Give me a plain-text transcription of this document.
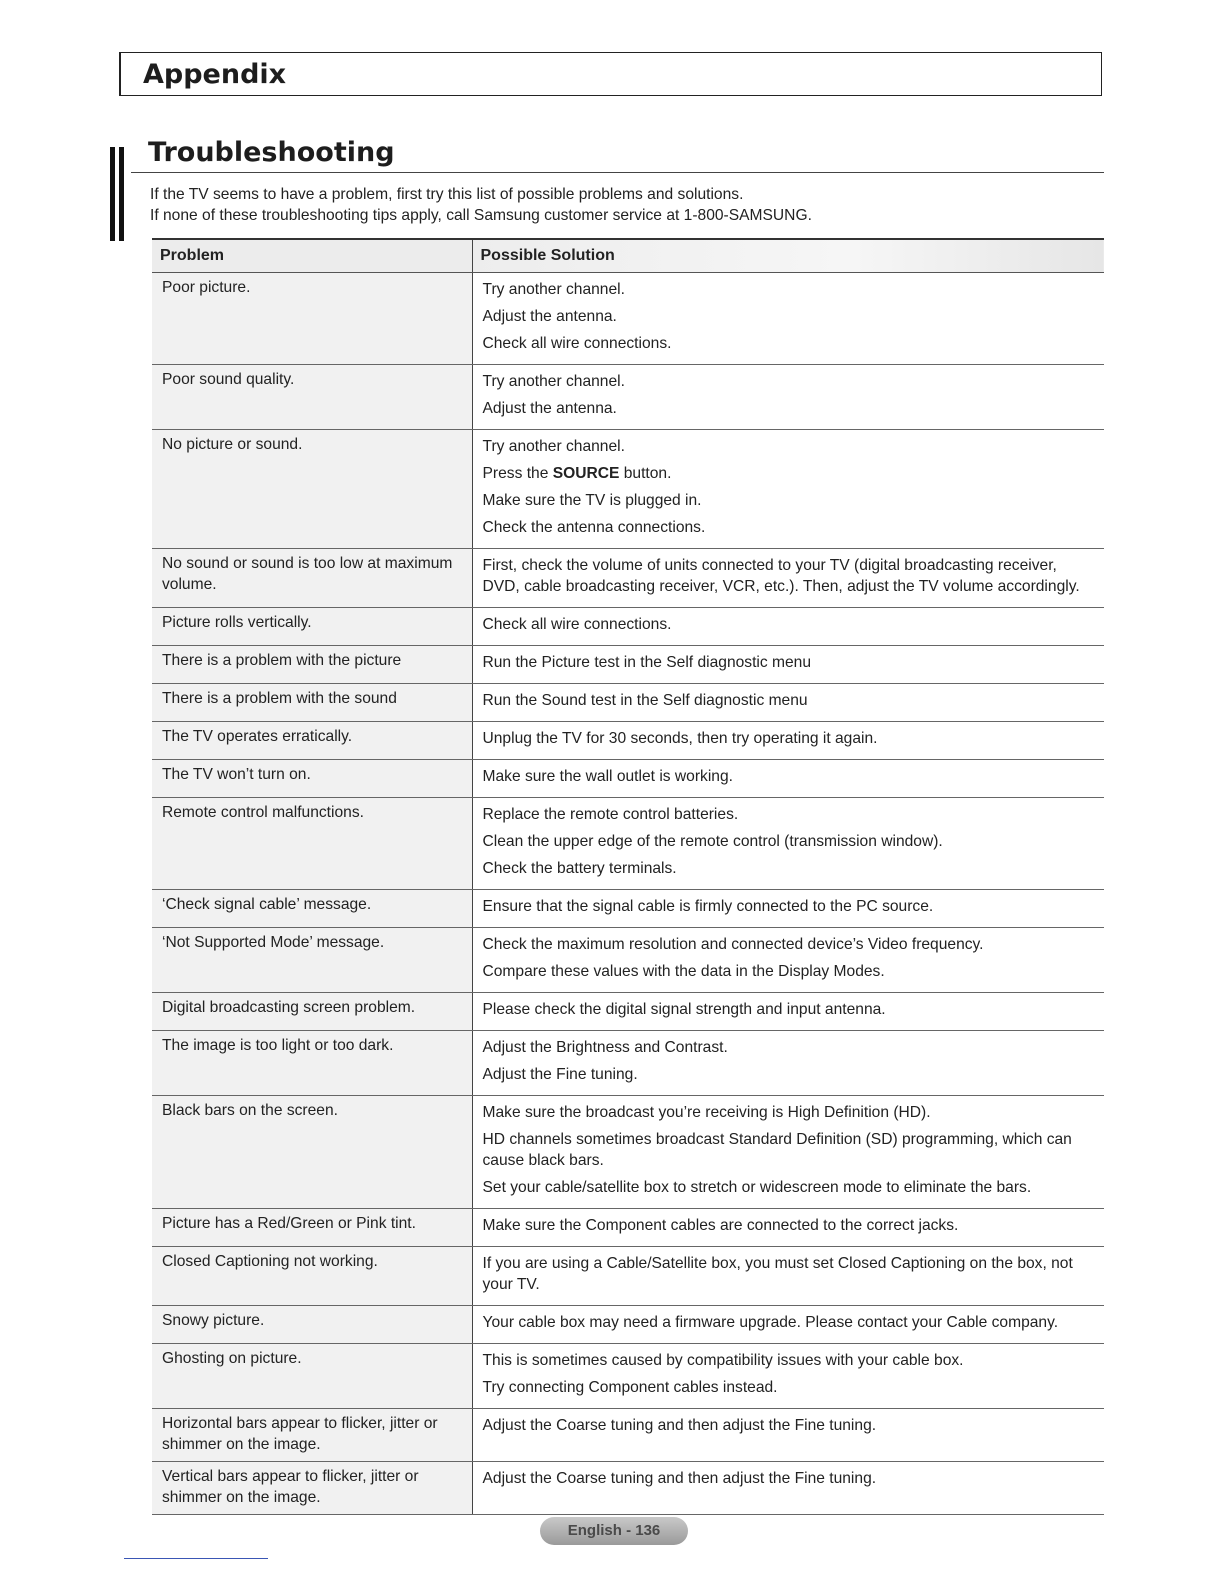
Appendix
Troubleshooting

If the TV seems to have a problem, first try this list of possible problems and solutions.

If none of these troubleshooting tips apply, call Samsung customer service at 1-800-SAMSUNG.

Problem	Possible Solution
Poor picture.	Try another channel.
Adjust the antenna.
Check all wire connections.

Poor sound quality.	Try another channel.
Adjust the antenna.

No picture or sound.	Try another channel.
Press the SOURCE button.
Make sure the TV is plugged in.
Check the antenna connections.

No sound or sound is too low at maximum volume.	First, check the volume of units connected to your TV (digital broadcasting receiver, DVD, cable broadcasting receiver, VCR, etc.). Then, adjust the TV volume accordingly.

Picture rolls vertically.	Check all wire connections.

There is a problem with the picture	Run the Picture test in the Self diagnostic menu

There is a problem with the sound	Run the Sound test in the Self diagnostic menu

The TV operates erratically.	Unplug the TV for 30 seconds, then try operating it again.

The TV won’t turn on.	Make sure the wall outlet is working.

Remote control malfunctions.	Replace the remote control batteries.
Clean the upper edge of the remote control (transmission window).
Check the battery terminals.

‘Check signal cable’ message.	Ensure that the signal cable is firmly connected to the PC source.

‘Not Supported Mode’ message.	Check the maximum resolution and connected device’s Video frequency.
Compare these values with the data in the Display Modes.

Digital broadcasting screen problem.	Please check the digital signal strength and input antenna.

The image is too light or too dark.	Adjust the Brightness and Contrast.
Adjust the Fine tuning.

Black bars on the screen.	Make sure the broadcast you’re receiving is High Definition (HD).
HD channels sometimes broadcast Standard Definition (SD) programming, which can cause black bars.
Set your cable/satellite box to stretch or widescreen mode to eliminate the bars.

Picture has a Red/Green or Pink tint.	Make sure the Component cables are connected to the correct jacks.

Closed Captioning not working.	If you are using a Cable/Satellite box, you must set Closed Captioning on the box, not your TV.

Snowy picture.	Your cable box may need a firmware upgrade. Please contact your Cable company.

Ghosting on picture.	This is sometimes caused by compatibility issues with your cable box.
Try connecting Component cables instead.

Horizontal bars appear to flicker, jitter or shimmer on the image.	Adjust the Coarse tuning and then adjust the Fine tuning.

Vertical bars appear to flicker, jitter or shimmer on the image.	Adjust the Coarse tuning and then adjust the Fine tuning.
English - 136
